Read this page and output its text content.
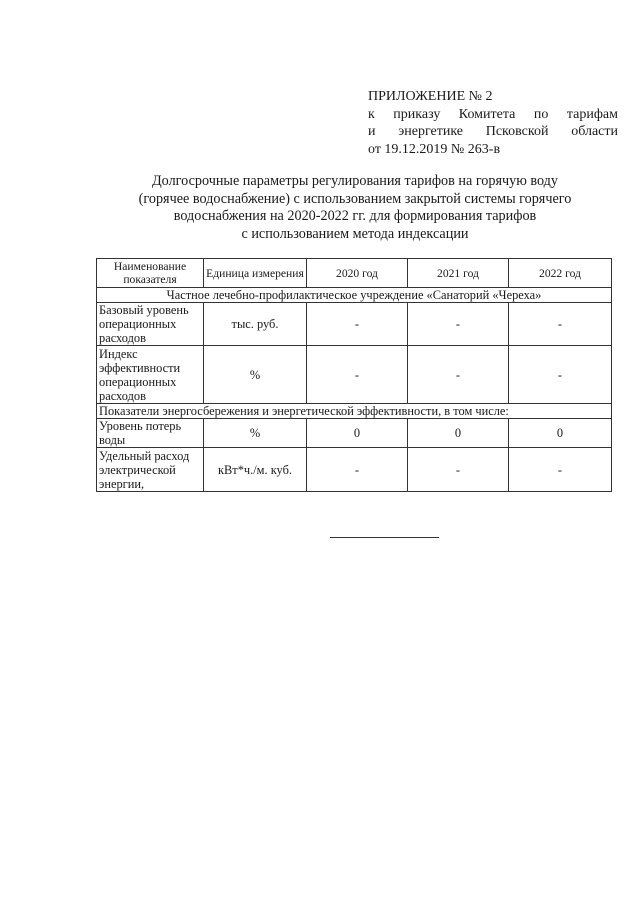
ПРИЛОЖЕНИЕ № 2
к приказу Комитета по тарифам
и энергетике Псковской области
от 19.12.2019 № 263-в
Долгосрочные параметры регулирования тарифов на горячую воду
(горячее водоснабжение) с использованием закрытой системы горячего
водоснабжения на 2020-2022 гг. для формирования тарифов
с использованием метода индексации
Наименование показателя	Единица измерения	2020 год	2021 год	2022 год
Частное лечебно-профилактическое учреждение «Санаторий «Череха»				
Базовый уровень операционных расходов	тыс. руб.	-	-	-
Индекс эффективности операционных расходов	%	-	-	-
Показатели энергосбережения и энергетической эффективности, в том числе:				
Уровень потерь воды	%	0	0	0
Удельный расход электрической энергии,	кВт*ч./м. куб.	-	-	-
